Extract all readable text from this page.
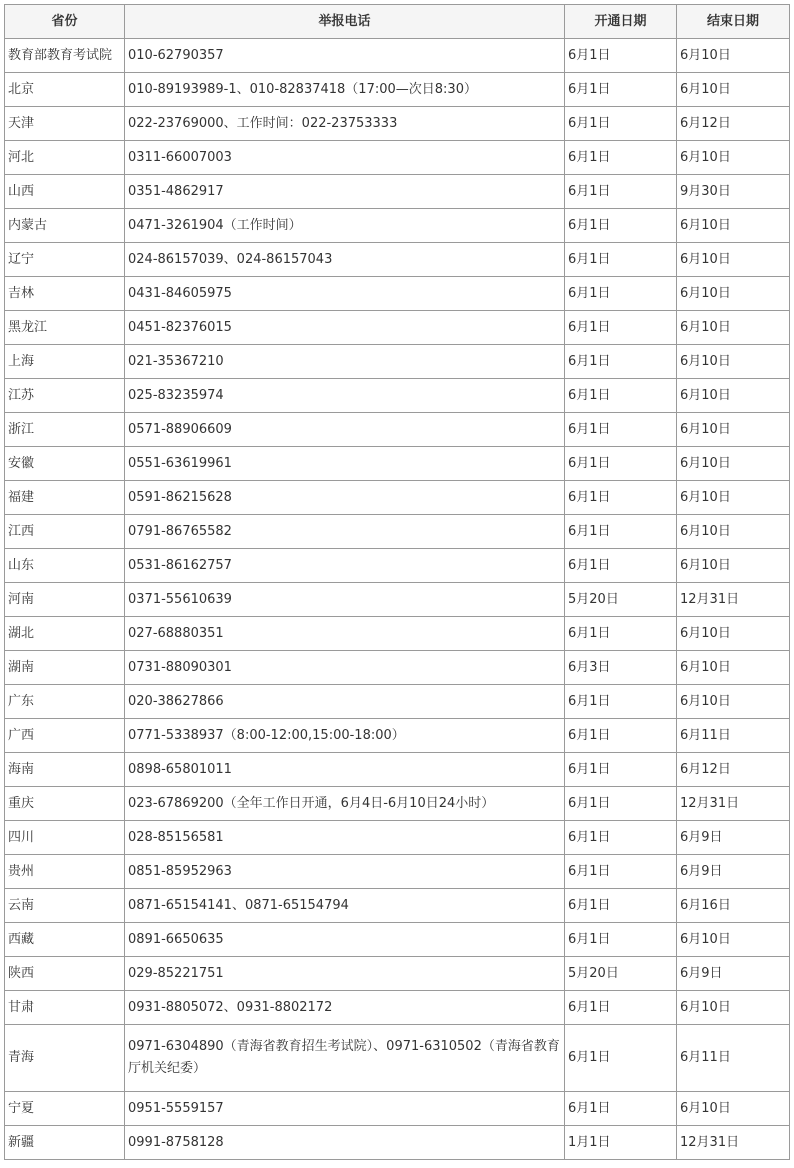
省份	举报电话	开通日期	结束日期
教育部教育考试院	010-62790357	6月1日	6月10日
北京	010-89193989-1、010-82837418（17:00—次日8:30）	6月1日	6月10日
天津	022-23769000、工作时间：022-23753333	6月1日	6月12日
河北	0311-66007003	6月1日	6月10日
山西	0351-4862917	6月1日	9月30日
内蒙古	0471-3261904（工作时间）	6月1日	6月10日
辽宁	024-86157039、024-86157043	6月1日	6月10日
吉林	0431-84605975	6月1日	6月10日
黑龙江	0451-82376015	6月1日	6月10日
上海	021-35367210	6月1日	6月10日
江苏	025-83235974	6月1日	6月10日
浙江	0571-88906609	6月1日	6月10日
安徽	0551-63619961	6月1日	6月10日
福建	0591-86215628	6月1日	6月10日
江西	0791-86765582	6月1日	6月10日
山东	0531-86162757	6月1日	6月10日
河南	0371-55610639	5月20日	12月31日
湖北	027-68880351	6月1日	6月10日
湖南	0731-88090301	6月3日	6月10日
广东	020-38627866	6月1日	6月10日
广西	0771-5338937（8:00-12:00,15:00-18:00）	6月1日	6月11日
海南	0898-65801011	6月1日	6月12日
重庆	023-67869200（全年工作日开通，6月4日-6月10日24小时）	6月1日	12月31日
四川	028-85156581	6月1日	6月9日
贵州	0851-85952963	6月1日	6月9日
云南	0871-65154141、0871-65154794	6月1日	6月16日
西藏	0891-6650635	6月1日	6月10日
陕西	029-85221751	5月20日	6月9日
甘肃	0931-8805072、0931-8802172	6月1日	6月10日
青海	0971-6304890（青海省教育招生考试院）、0971-6310502（青海省教育厅机关纪委）	6月1日	6月11日
宁夏	0951-5559157	6月1日	6月10日
新疆	0991-8758128	1月1日	12月31日
